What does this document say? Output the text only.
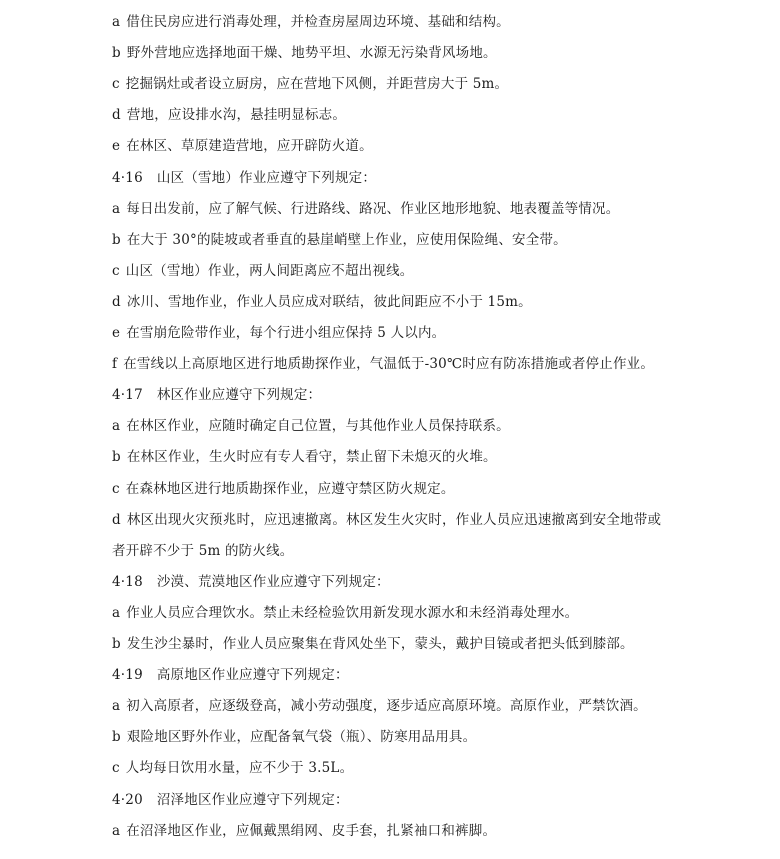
a 借住民房应进行消毒处理，并检查房屋周边环境、基础和结构。
b 野外营地应选择地面干燥、地势平坦、水源无污染背风场地。
c 挖掘锅灶或者设立厨房，应在营地下风侧，并距营房大于 5m。
d 营地，应设排水沟，悬挂明显标志。
e 在林区、草原建造营地，应开辟防火道。
4·16 山区（雪地）作业应遵守下列规定：
a 每日出发前，应了解气候、行进路线、路况、作业区地形地貌、地表覆盖等情况。
b 在大于 30°的陡坡或者垂直的悬崖峭壁上作业，应使用保险绳、安全带。
c 山区（雪地）作业，两人间距离应不超出视线。
d 冰川、雪地作业，作业人员应成对联结，彼此间距应不小于 15m。
e 在雪崩危险带作业，每个行进小组应保持 5 人以内。
f 在雪线以上高原地区进行地质勘探作业，气温低于-30℃时应有防冻措施或者停止作业。
4·17 林区作业应遵守下列规定：
a 在林区作业，应随时确定自己位置，与其他作业人员保持联系。
b 在林区作业，生火时应有专人看守，禁止留下未熄灭的火堆。
c 在森林地区进行地质勘探作业，应遵守禁区防火规定。
d 林区出现火灾预兆时，应迅速撤离。林区发生火灾时，作业人员应迅速撤离到安全地带或
者开辟不少于 5m 的防火线。
4·18 沙漠、荒漠地区作业应遵守下列规定：
a 作业人员应合理饮水。禁止未经检验饮用新发现水源水和未经消毒处理水。
b 发生沙尘暴时，作业人员应聚集在背风处坐下，蒙头，戴护目镜或者把头低到膝部。
4·19 高原地区作业应遵守下列规定：
a 初入高原者，应逐级登高，减小劳动强度，逐步适应高原环境。高原作业，严禁饮酒。
b 艰险地区野外作业，应配备氧气袋（瓶）、防寒用品用具。
c 人均每日饮用水量，应不少于 3.5L。
4·20 沼泽地区作业应遵守下列规定：
a 在沼泽地区作业，应佩戴黑绢网、皮手套，扎紧袖口和裤脚。
